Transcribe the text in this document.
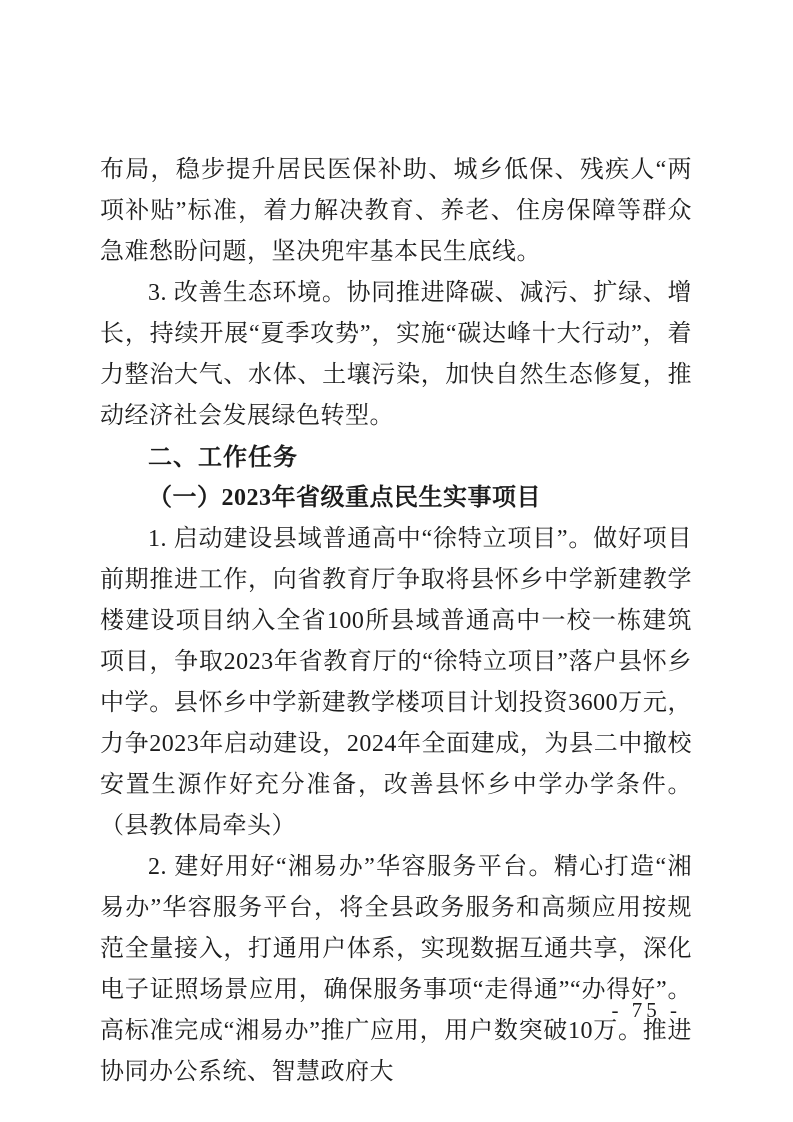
布局，稳步提升居民医保补助、城乡低保、残疾人“两项补贴”标准，着力解决教育、养老、住房保障等群众急难愁盼问题，坚决兜牢基本民生底线。

3. 改善生态环境。协同推进降碳、减污、扩绿、增长，持续开展“夏季攻势”，实施“碳达峰十大行动”，着力整治大气、水体、土壤污染，加快自然生态修复，推动经济社会发展绿色转型。

二、工作任务
（一）2023年省级重点民生实事项目

1. 启动建设县域普通高中“徐特立项目”。做好项目前期推进工作，向省教育厅争取将县怀乡中学新建教学楼建设项目纳入全省100所县域普通高中一校一栋建筑项目，争取2023年省教育厅的“徐特立项目”落户县怀乡中学。县怀乡中学新建教学楼项目计划投资3600万元，力争2023年启动建设，2024年全面建成，为县二中撤校安置生源作好充分准备，改善县怀乡中学办学条件。（县教体局牵头）

2. 建好用好“湘易办”华容服务平台。精心打造“湘易办”华容服务平台，将全县政务服务和高频应用按规范全量接入，打通用户体系，实现数据互通共享，深化电子证照场景应用，确保服务事项“走得通”“办得好”。高标准完成“湘易办”推广应用，用户数突破10万。推进协同办公系统、智慧政府大

- 75 -
